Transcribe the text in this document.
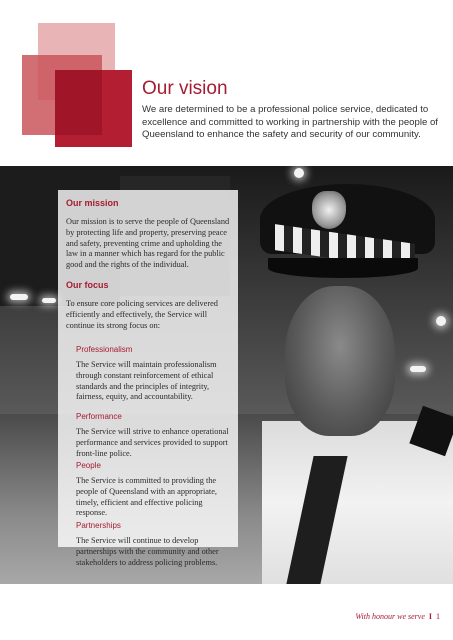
Our vision

We are determined to be a professional police service, dedicated to excellence and committed to working in partnership with the people of Queensland to enhance the safety and security of our community.

Our mission

Our mission is to serve the people of Queensland by protecting life and property, preserving peace and safety, preventing crime and upholding the law in a manner which has regard for the public good and the rights of the individual.

Our focus

To ensure core policing services are delivered efficiently and effectively, the Service will continue its strong focus on:

Professionalism

The Service will maintain professionalism through constant reinforcement of ethical standards and the principles of integrity, fairness, equity, and accountability.

Performance

The Service will strive to enhance operational performance and services provided to support front-line police.

People

The Service is committed to providing the people of Queensland with an appropriate, timely, efficient and effective policing response.

Partnerships

The Service will continue to develop partnerships with the community and other stakeholders to address policing problems.

With honour we serve I 1
